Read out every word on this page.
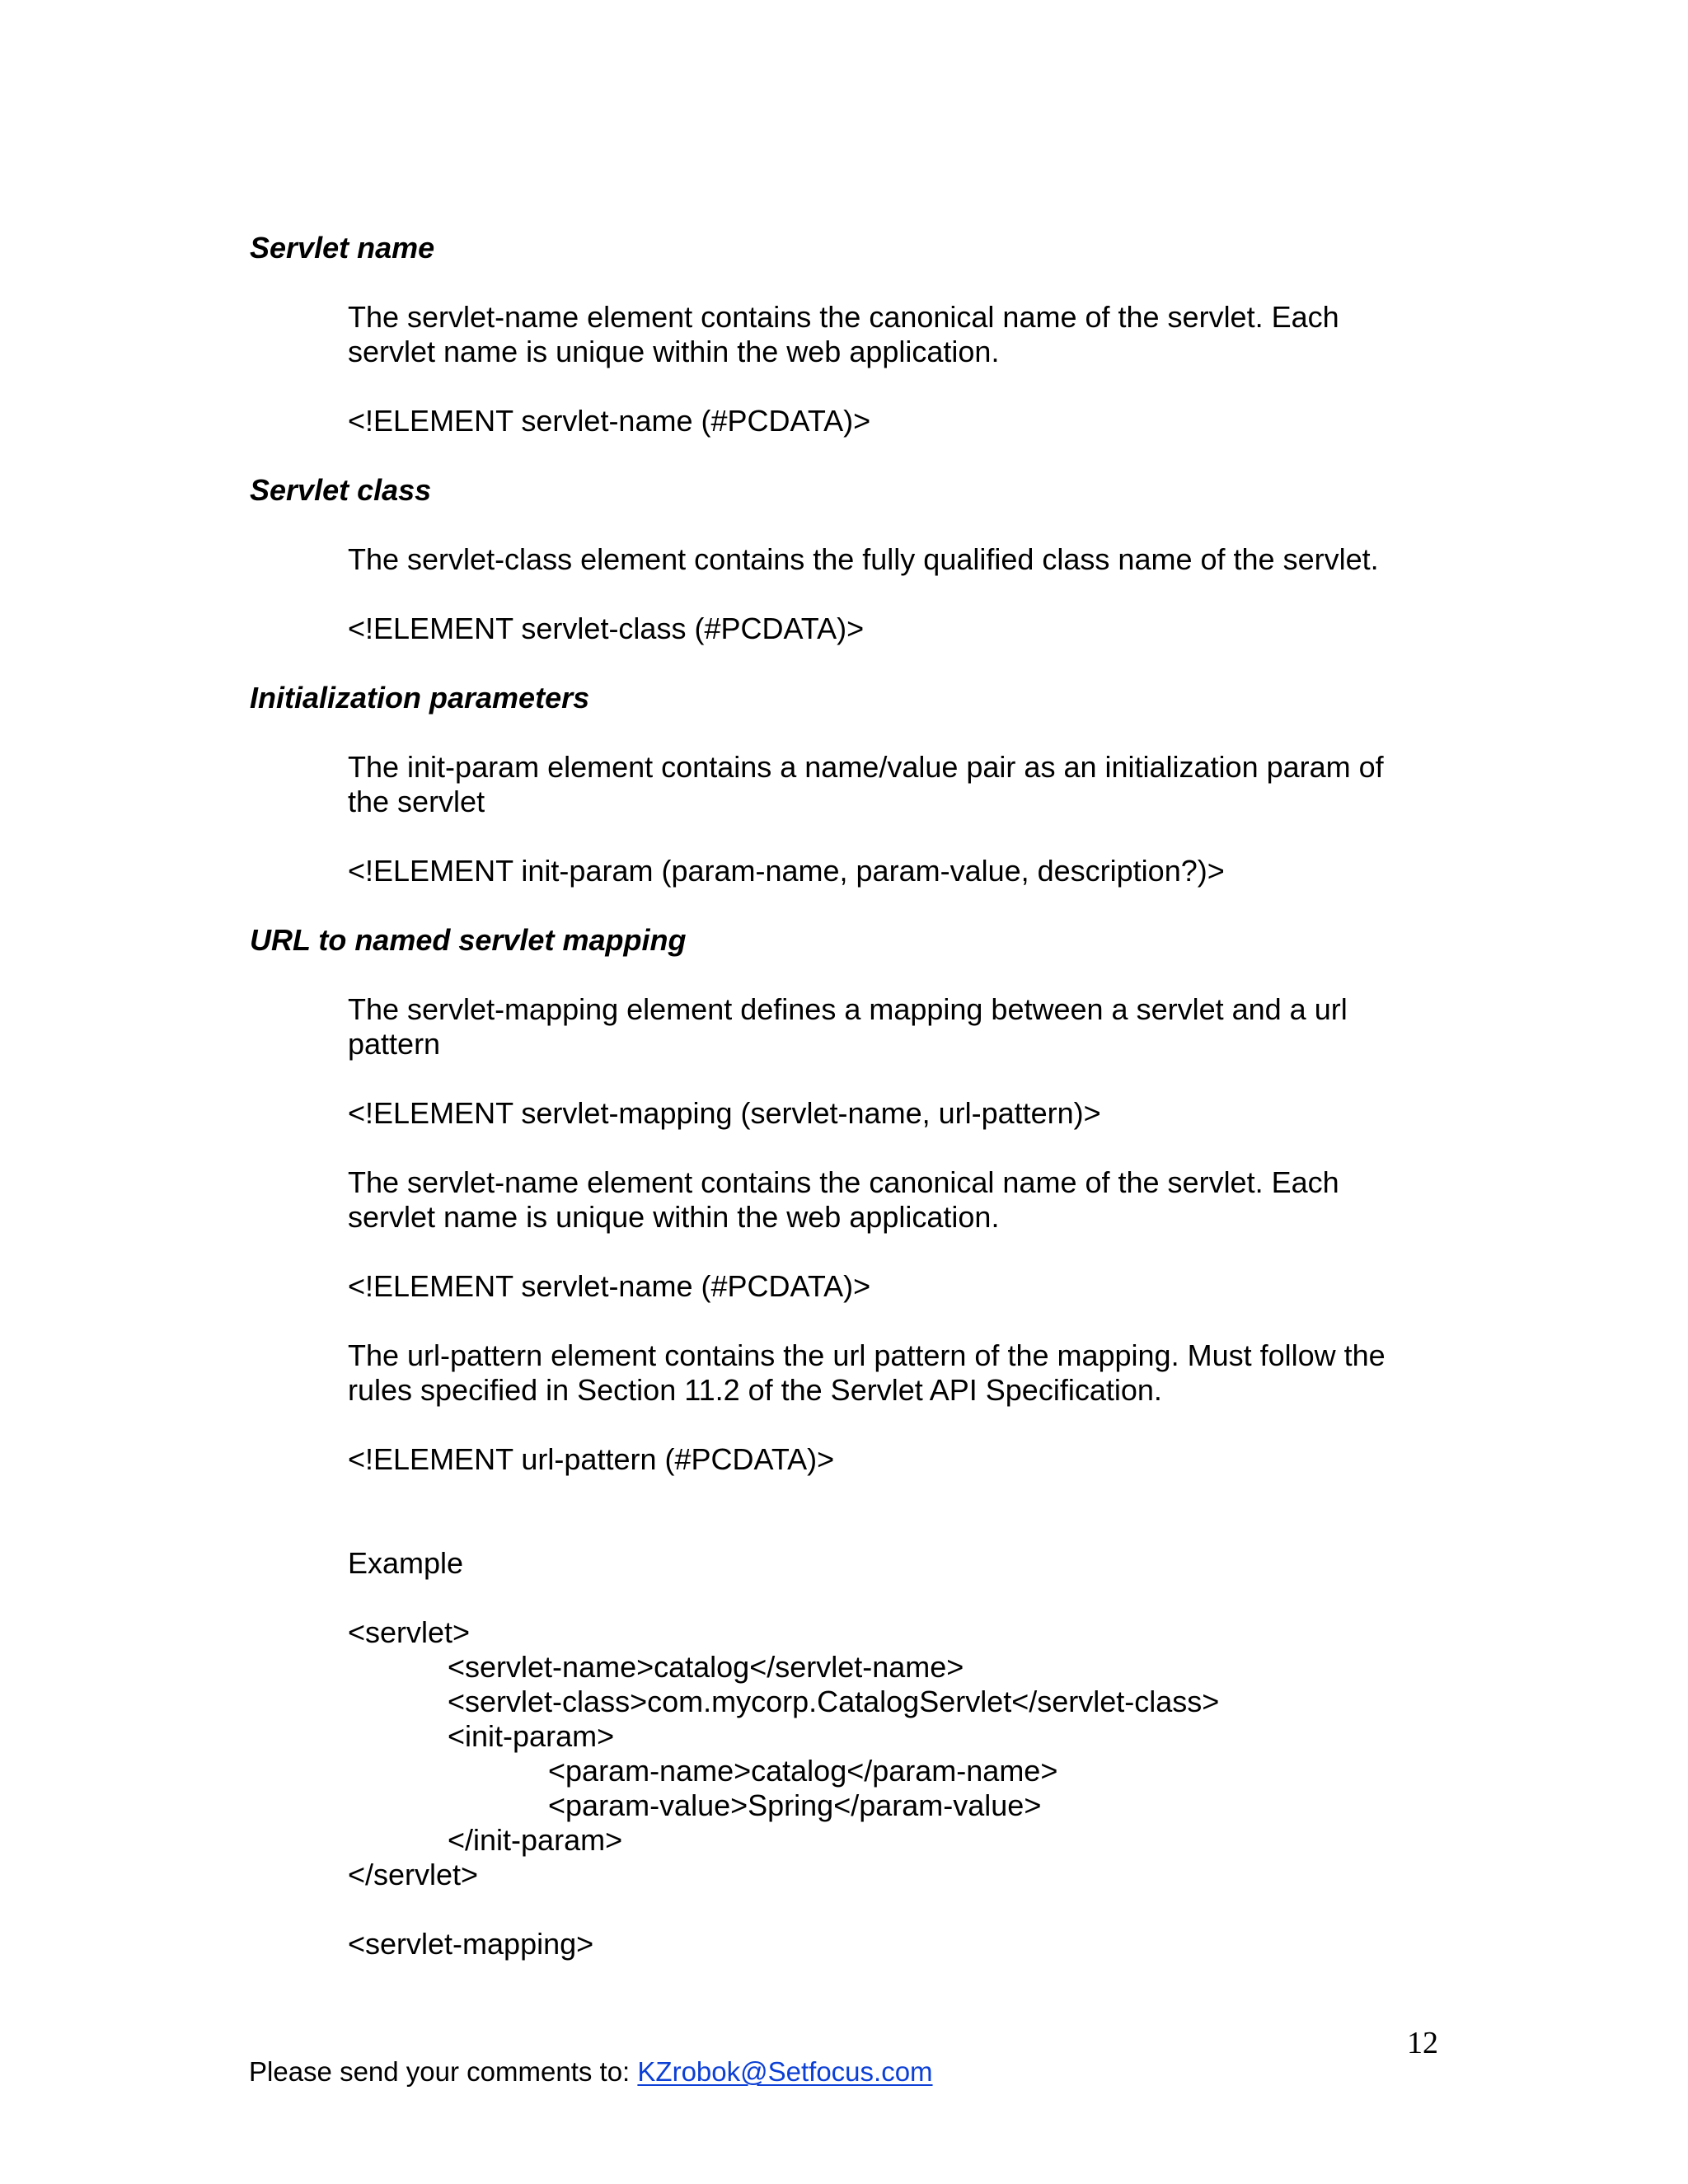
Servlet name
The servlet-name element contains the canonical name of the servlet. Each
servlet name is unique within the web application.
<!ELEMENT servlet-name (#PCDATA)>
Servlet class
The servlet-class element contains the fully qualified class name of the servlet.
<!ELEMENT servlet-class (#PCDATA)>
Initialization parameters
The init-param element contains a name/value pair as an initialization param of
the servlet
<!ELEMENT init-param (param-name, param-value, description?)>
URL to named servlet mapping
The servlet-mapping element defines a mapping between a servlet and a url
pattern
<!ELEMENT servlet-mapping (servlet-name, url-pattern)>
The servlet-name element contains the canonical name of the servlet. Each
servlet name is unique within the web application.
<!ELEMENT servlet-name (#PCDATA)>
The url-pattern element contains the url pattern of the mapping. Must follow the
rules specified in Section 11.2 of the Servlet API Specification.
<!ELEMENT url-pattern (#PCDATA)>
Example
<servlet>
<servlet-name>catalog</servlet-name>
<servlet-class>com.mycorp.CatalogServlet</servlet-class>
<init-param>
<param-name>catalog</param-name>
<param-value>Spring</param-value>
</init-param>
</servlet>
<servlet-mapping>
12
Please send your comments to: KZrobok@Setfocus.com
